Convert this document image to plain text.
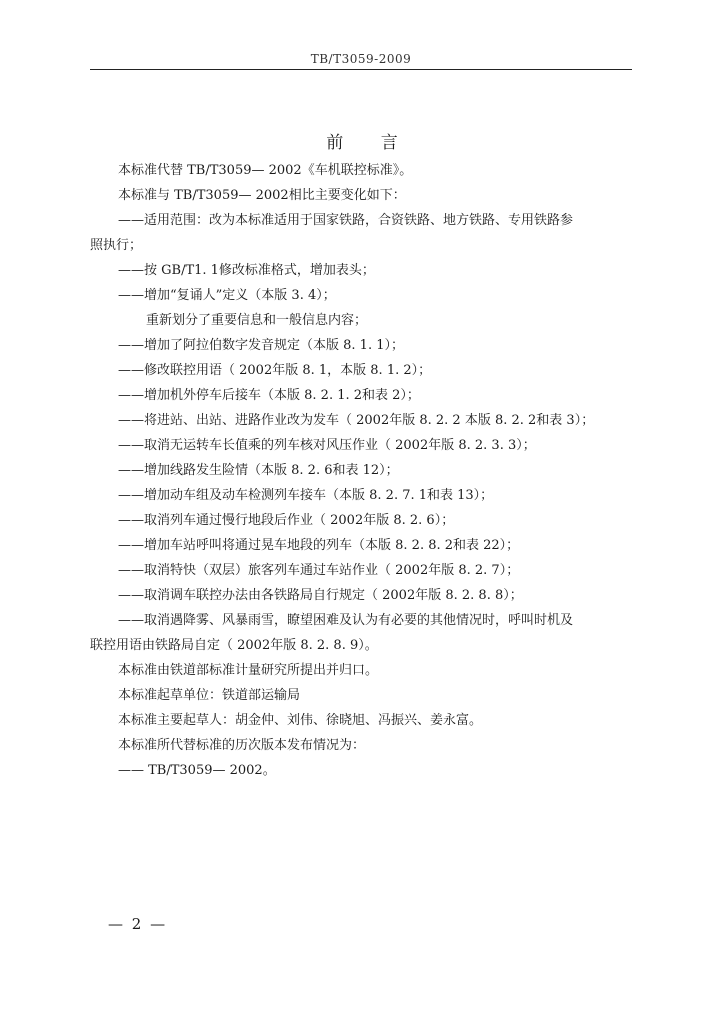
TB/T3059-2009
前 言
本标准代替 TB/T3059— 2002《车机联控标准》。
本标准与 TB/T3059— 2002相比主要变化如下：
——适用范围：改为本标准适用于国家铁路，合资铁路、地方铁路、专用铁路参
照执行；
——按 GB/T1. 1修改标准格式，增加表头；
——增加“复诵人”定义（本版 3. 4）；
重新划分了重要信息和一般信息内容；
——增加了阿拉伯数字发音规定（本版 8. 1. 1）；
——修改联控用语（ 2002年版 8. 1，本版 8. 1. 2）；
——增加机外停车后接车（本版 8. 2. 1. 2和表 2）；
——将进站、出站、进路作业改为发车（ 2002年版 8. 2. 2 本版 8. 2. 2和表 3）；
——取消无运转车长值乘的列车核对风压作业（ 2002年版 8. 2. 3. 3）；
——增加线路发生险情（本版 8. 2. 6和表 12）；
——增加动车组及动车检测列车接车（本版 8. 2. 7. 1和表 13）；
——取消列车通过慢行地段后作业（ 2002年版 8. 2. 6）；
——增加车站呼叫将通过晃车地段的列车（本版 8. 2. 8. 2和表 22）；
——取消特快（双层）旅客列车通过车站作业（ 2002年版 8. 2. 7）；
——取消调车联控办法由各铁路局自行规定（ 2002年版 8. 2. 8. 8）；
——取消遇降雾、风暴雨雪，瞭望困难及认为有必要的其他情况时，呼叫时机及
联控用语由铁路局自定（ 2002年版 8. 2. 8. 9）。
本标准由铁道部标准计量研究所提出并归口。
本标准起草单位：铁道部运输局
本标准主要起草人：胡金仲、刘伟、徐晓旭、冯振兴、姜永富。
本标准所代替标准的历次版本发布情况为：
—— TB/T3059— 2002。
— 2 —
